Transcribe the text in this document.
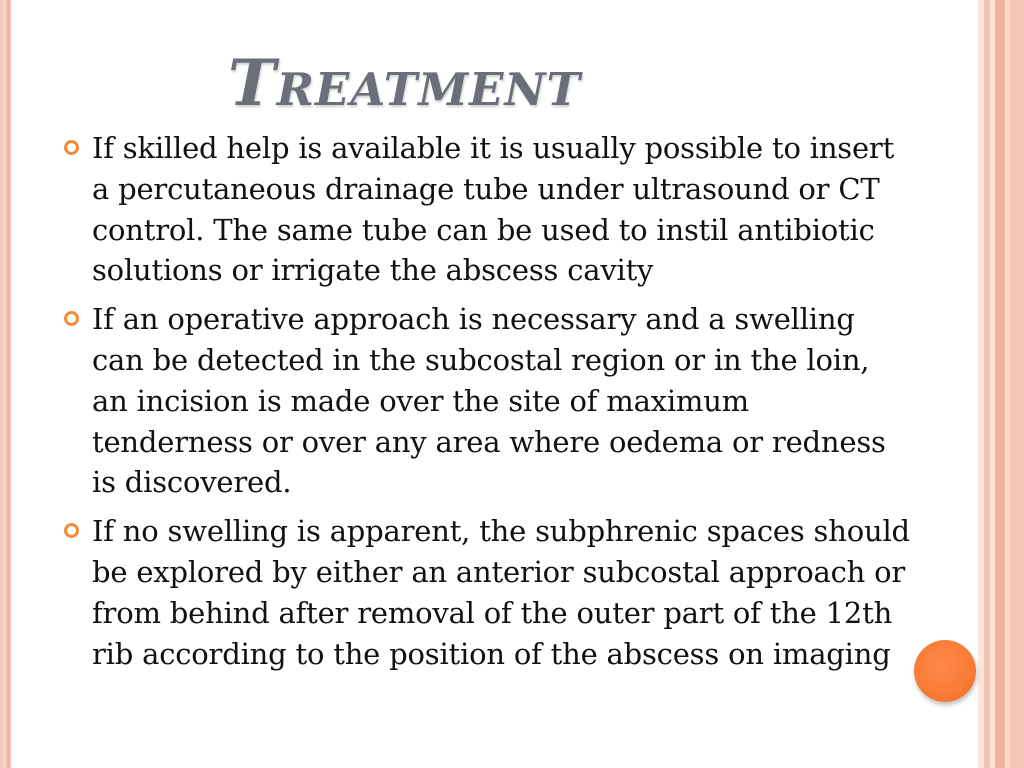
Treatment
If skilled help is available it is usually possible to insert a percutaneous drainage tube under ultrasound or CT control. The same tube can be used to instil antibiotic solutions or irrigate the abscess cavity
If an operative approach is necessary and a swelling can be detected in the subcostal region or in the loin, an incision is made over the site of maximum tenderness or over any area where oedema or redness is discovered.
If no swelling is apparent, the subphrenic spaces should be explored by either an anterior subcostal approach or from behind after removal of the outer part of the 12th rib according to the position of the abscess on imaging
